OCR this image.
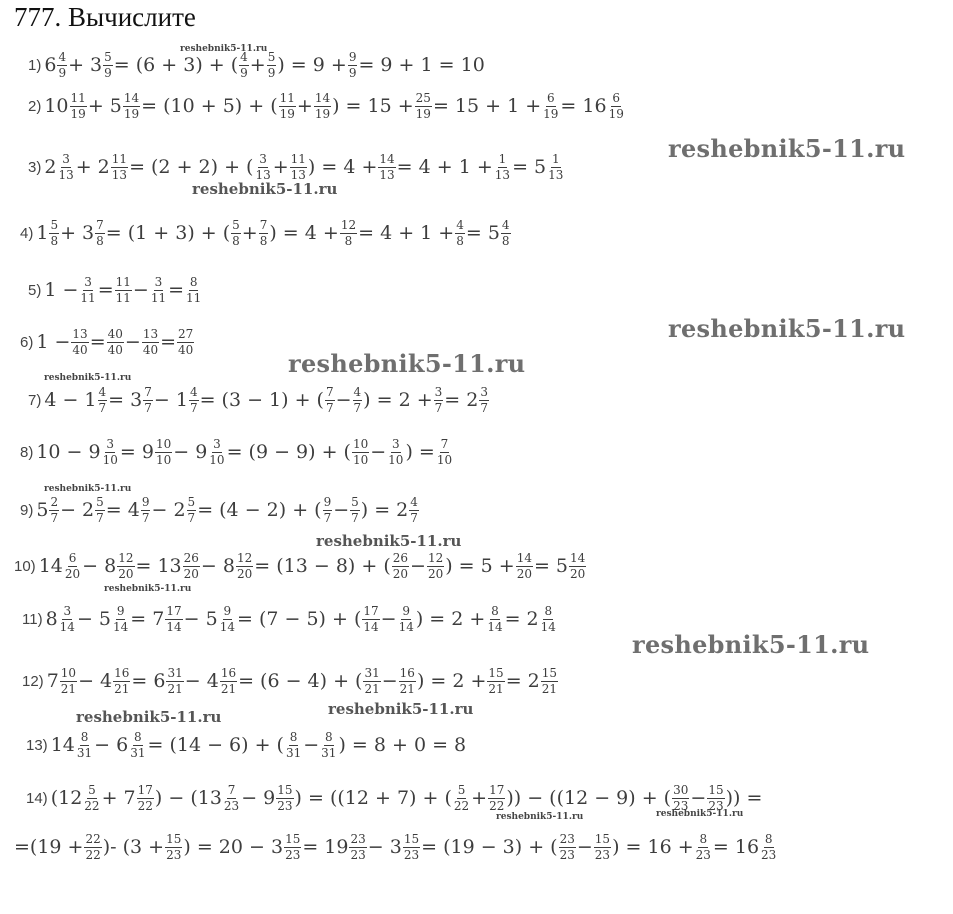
777. Вычислите
1) $6 \frac{4}{9} + 3 \frac{5}{9} = (6 + 3)$ + ( $\frac{4}{9} + \frac{5}{9}$ ) = $9 + \frac{9}{9} = 9 + 1 = 10$
2) $10 \frac{11}{19} + 5 \frac{14}{19} = (10 + 5)$ + ( $\frac{11}{19} + \frac{14}{19}$ ) = $15 + \frac{25}{19} = 15 + 1 + \frac{6}{19} = 16 \frac{6}{19}$
3) $2 \frac{3}{13} + 2 \frac{11}{13} = (2 + 2)$ + ( $\frac{3}{13} + \frac{11}{13}$ ) = $4 + \frac{14}{13} = 4 + 1 + \frac{1}{13} = 5 \frac{1}{13}$
4) $1 \frac{5}{8} + 3 \frac{7}{8} = (1 + 3)$ + ( $\frac{5}{8} + \frac{7}{8}$ ) = $4 + \frac{12}{8} = 4 + 1 + \frac{4}{8} = 5 \frac{4}{8}$
5) $1 - \frac{3}{11} = \frac{11}{11} - \frac{3}{11} = \frac{8}{11}$
6) $1 - \frac{13}{40} = \frac{40}{40} - \frac{13}{40} = \frac{27}{40}$
7) $4 - 1 \frac{4}{7} = 3 \frac{7}{7} - 1 \frac{4}{7} = (3 - 1)$ + ( $\frac{7}{7} - \frac{4}{7}$ ) = $2 + \frac{3}{7} = 2 \frac{3}{7}$
8) $10 - 9 \frac{3}{10} = 9 \frac{10}{10} - 9 \frac{3}{10} = (9 - 9)$ + ( $\frac{10}{10} - \frac{3}{10}$ ) = $\frac{7}{10}$
9) $5 \frac{2}{7} - 2 \frac{5}{7} = 4 \frac{9}{7} - 2 \frac{5}{7} = (4 - 2)$ + ( $\frac{9}{7} - \frac{5}{7}$ ) = $2 \frac{4}{7}$
10) $14 \frac{6}{20} - 8 \frac{12}{20} = 13 \frac{26}{20} - 8 \frac{12}{20} = (13 - 8)$ + ( $\frac{26}{20} - \frac{12}{20}$ ) = $5 + \frac{14}{20} = 5 \frac{14}{20}$
11) $8 \frac{3}{14} - 5 \frac{9}{14} = 7 \frac{17}{14} - 5 \frac{9}{14} = (7 - 5)$ + ( $\frac{17}{14} - \frac{9}{14}$ ) = $2 + \frac{8}{14} = 2 \frac{8}{14}$
12) $7 \frac{10}{21} - 4 \frac{16}{21} = 6 \frac{31}{21} - 4 \frac{16}{21} = (6 - 4)$ + ( $\frac{31}{21} - \frac{16}{21}$ ) = $2 + \frac{15}{21} = 2 \frac{15}{21}$
13) $14 \frac{8}{31} - 6 \frac{8}{31} = (14 - 6)$ + ( $\frac{8}{31} - \frac{8}{31}$ ) = 8 + 0 = 8
14) ($12 \frac{5}{22} + 7 \frac{17}{22}$ ) − ($13 \frac{7}{23} - 9 \frac{15}{23}$ ) = ((12 + 7) + ( $\frac{5}{22} + \frac{17}{22}$ )) − ((12 − 9) + ( $\frac{30}{23} - \frac{15}{23}$ )) =
$=(19 + \frac{22}{22}$ )- ($3 + \frac{15}{23}$ ) = $20 - 3 \frac{15}{23} = 19 \frac{23}{23} - 3 \frac{15}{23} = (19 - 3)$ + ( $\frac{23}{23} - \frac{15}{23}$ ) = $16 + \frac{8}{23} = 16 \frac{8}{23}$
reshebnik5-11.ru
reshebnik5-11.ru
reshebnik5-11.ru
reshebnik5-11.ru
reshebnik5-11.ru
reshebnik5-11.ru
reshebnik5-11.ru
reshebnik5-11.ru
reshebnik5-11.ru
reshebnik5-11.ru
reshebnik5-11.ru
reshebnik5-11.ru
reshebnik5-11.ru	reshebnik5-11.ru
